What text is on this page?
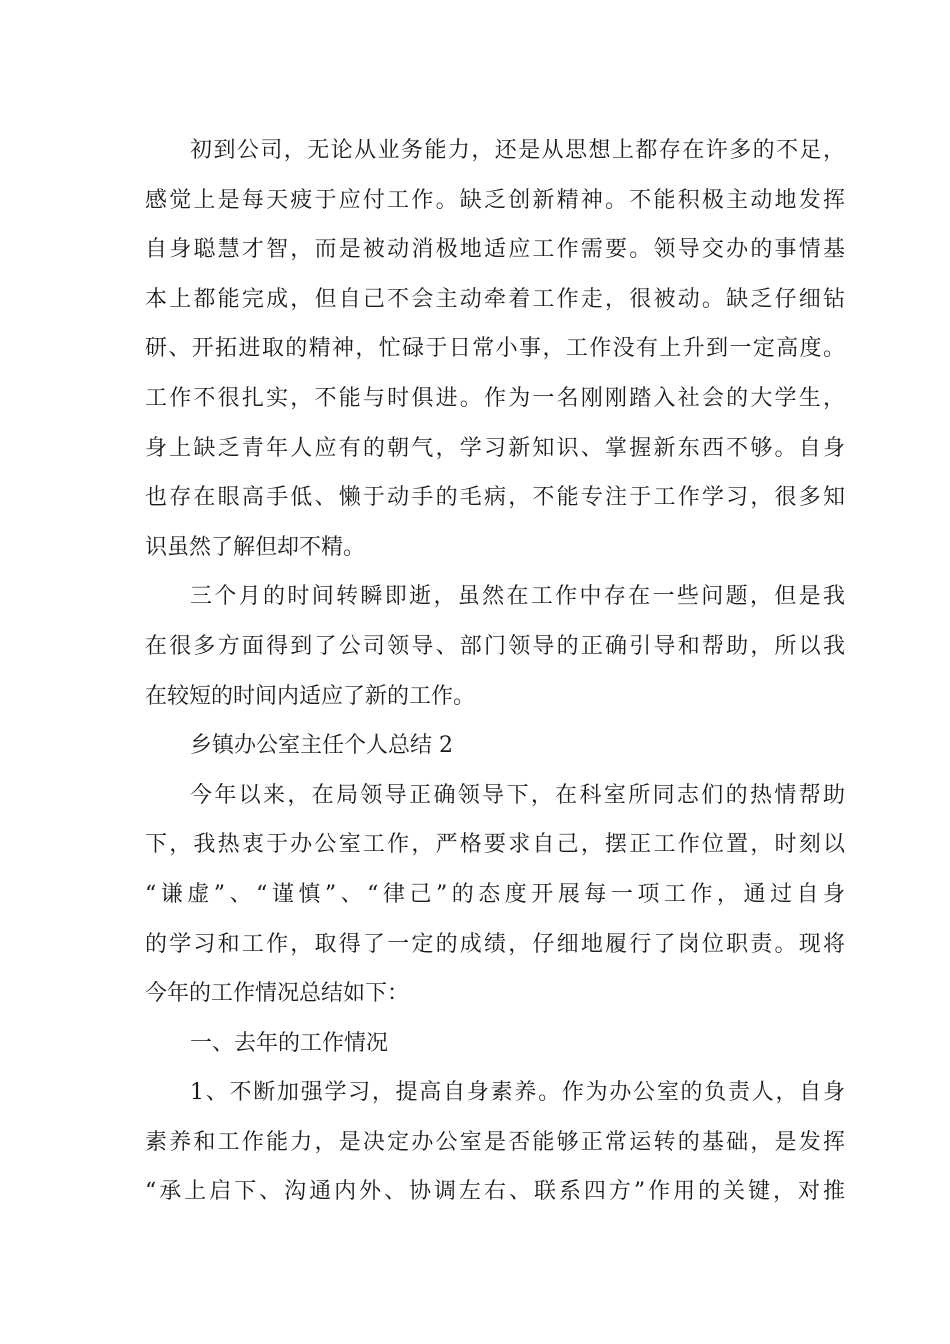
初到公司，无论从业务能力，还是从思想上都存在许多的不足，
感觉上是每天疲于应付工作。缺乏创新精神。不能积极主动地发挥
自身聪慧才智，而是被动消极地适应工作需要。领导交办的事情基
本上都能完成，但自己不会主动牵着工作走，很被动。缺乏仔细钻
研、开拓进取的精神，忙碌于日常小事，工作没有上升到一定高度。
工作不很扎实，不能与时俱进。作为一名刚刚踏入社会的大学生，
身上缺乏青年人应有的朝气，学习新知识、掌握新东西不够。自身
也存在眼高手低、懒于动手的毛病，不能专注于工作学习，很多知
识虽然了解但却不精。
三个月的时间转瞬即逝，虽然在工作中存在一些问题，但是我
在很多方面得到了公司领导、部门领导的正确引导和帮助，所以我
在较短的时间内适应了新的工作。
乡镇办公室主任个人总结 2
今年以来，在局领导正确领导下，在科室所同志们的热情帮助
下，我热衷于办公室工作，严格要求自己，摆正工作位置，时刻以
“谦虚”、“谨慎”、“律己”的态度开展每一项工作，通过自身
的学习和工作，取得了一定的成绩，仔细地履行了岗位职责。现将
今年的工作情况总结如下：
一、去年的工作情况
1、不断加强学习，提高自身素养。作为办公室的负责人，自身
素养和工作能力，是决定办公室是否能够正常运转的基础，是发挥
“承上启下、沟通内外、协调左右、联系四方”作用的关键，对推
